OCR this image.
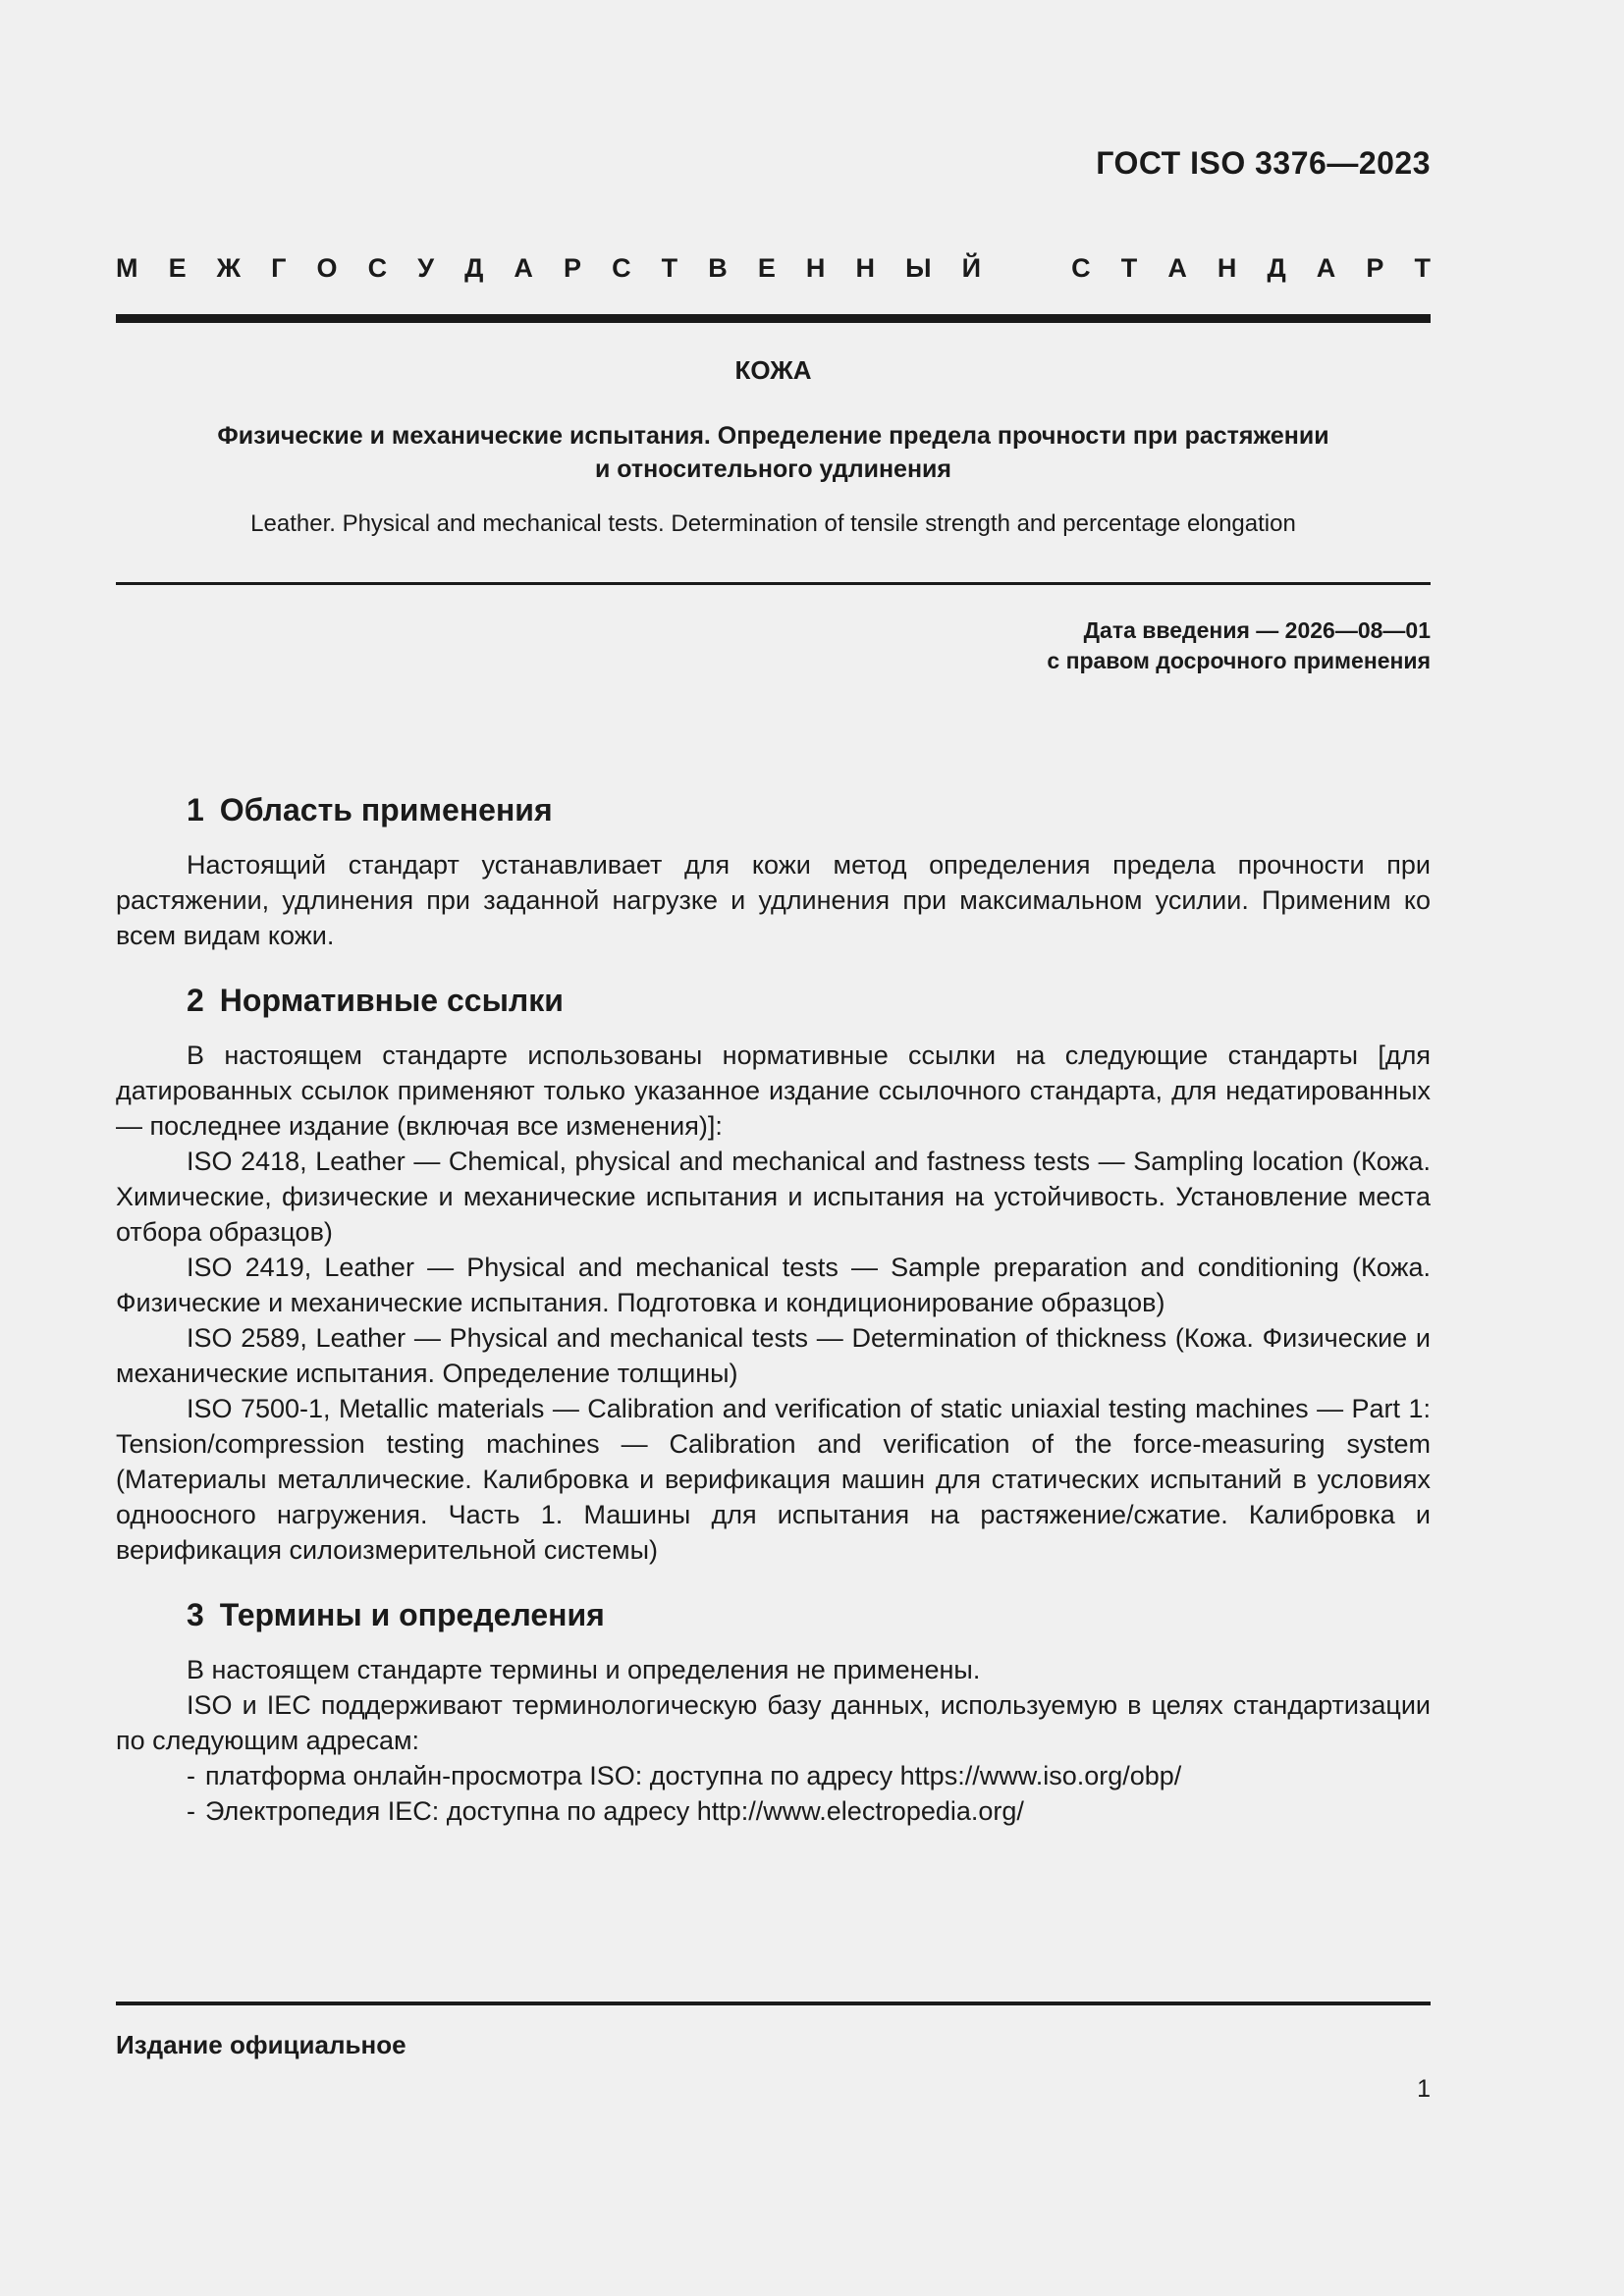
ГОСТ ISO 3376—2023
М Е Ж Г О С У Д А Р С Т В Е Н Н Ы Й	С Т А Н Д А Р Т
КОЖА
Физические и механические испытания. Определение предела прочности при растяжении
и относительного удлинения
Leather. Physical and mechanical tests. Determination of tensile strength and percentage elongation
Дата введения — 2026—08—01
с правом досрочного применения
1 Область применения

Настоящий стандарт устанавливает для кожи метод определения предела прочности при растяжении, удлинения при заданной нагрузке и удлинения при максимальном усилии. Применим ко всем видам кожи.

2 Нормативные ссылки

В настоящем стандарте использованы нормативные ссылки на следующие стандарты [для датированных ссылок применяют только указанное издание ссылочного стандарта, для недатированных — последнее издание (включая все изменения)]:

ISO 2418, Leather — Chemical, physical and mechanical and fastness tests — Sampling location (Кожа. Химические, физические и механические испытания и испытания на устойчивость. Установление места отбора образцов)

ISO 2419, Leather — Physical and mechanical tests — Sample preparation and conditioning (Кожа. Физические и механические испытания. Подготовка и кондиционирование образцов)

ISO 2589, Leather — Physical and mechanical tests — Determination of thickness (Кожа. Физические и механические испытания. Определение толщины)

ISO 7500-1, Metallic materials — Calibration and verification of static uniaxial testing machines — Part 1: Tension/compression testing machines — Calibration and verification of the force-measuring system (Материалы металлические. Калибровка и верификация машин для статических испытаний в условиях одноосного нагружения. Часть 1. Машины для испытания на растяжение/сжатие. Калибровка и верификация силоизмерительной системы)

3 Термины и определения

В настоящем стандарте термины и определения не применены.

ISO и IEC поддерживают терминологическую базу данных, используемую в целях стандартизации по следующим адресам:

- платформа онлайн-просмотра ISO: доступна по адресу https://www.iso.org/obp/

- Электропедия IEC: доступна по адресу http://www.electropedia.org/

Издание официальное
1
